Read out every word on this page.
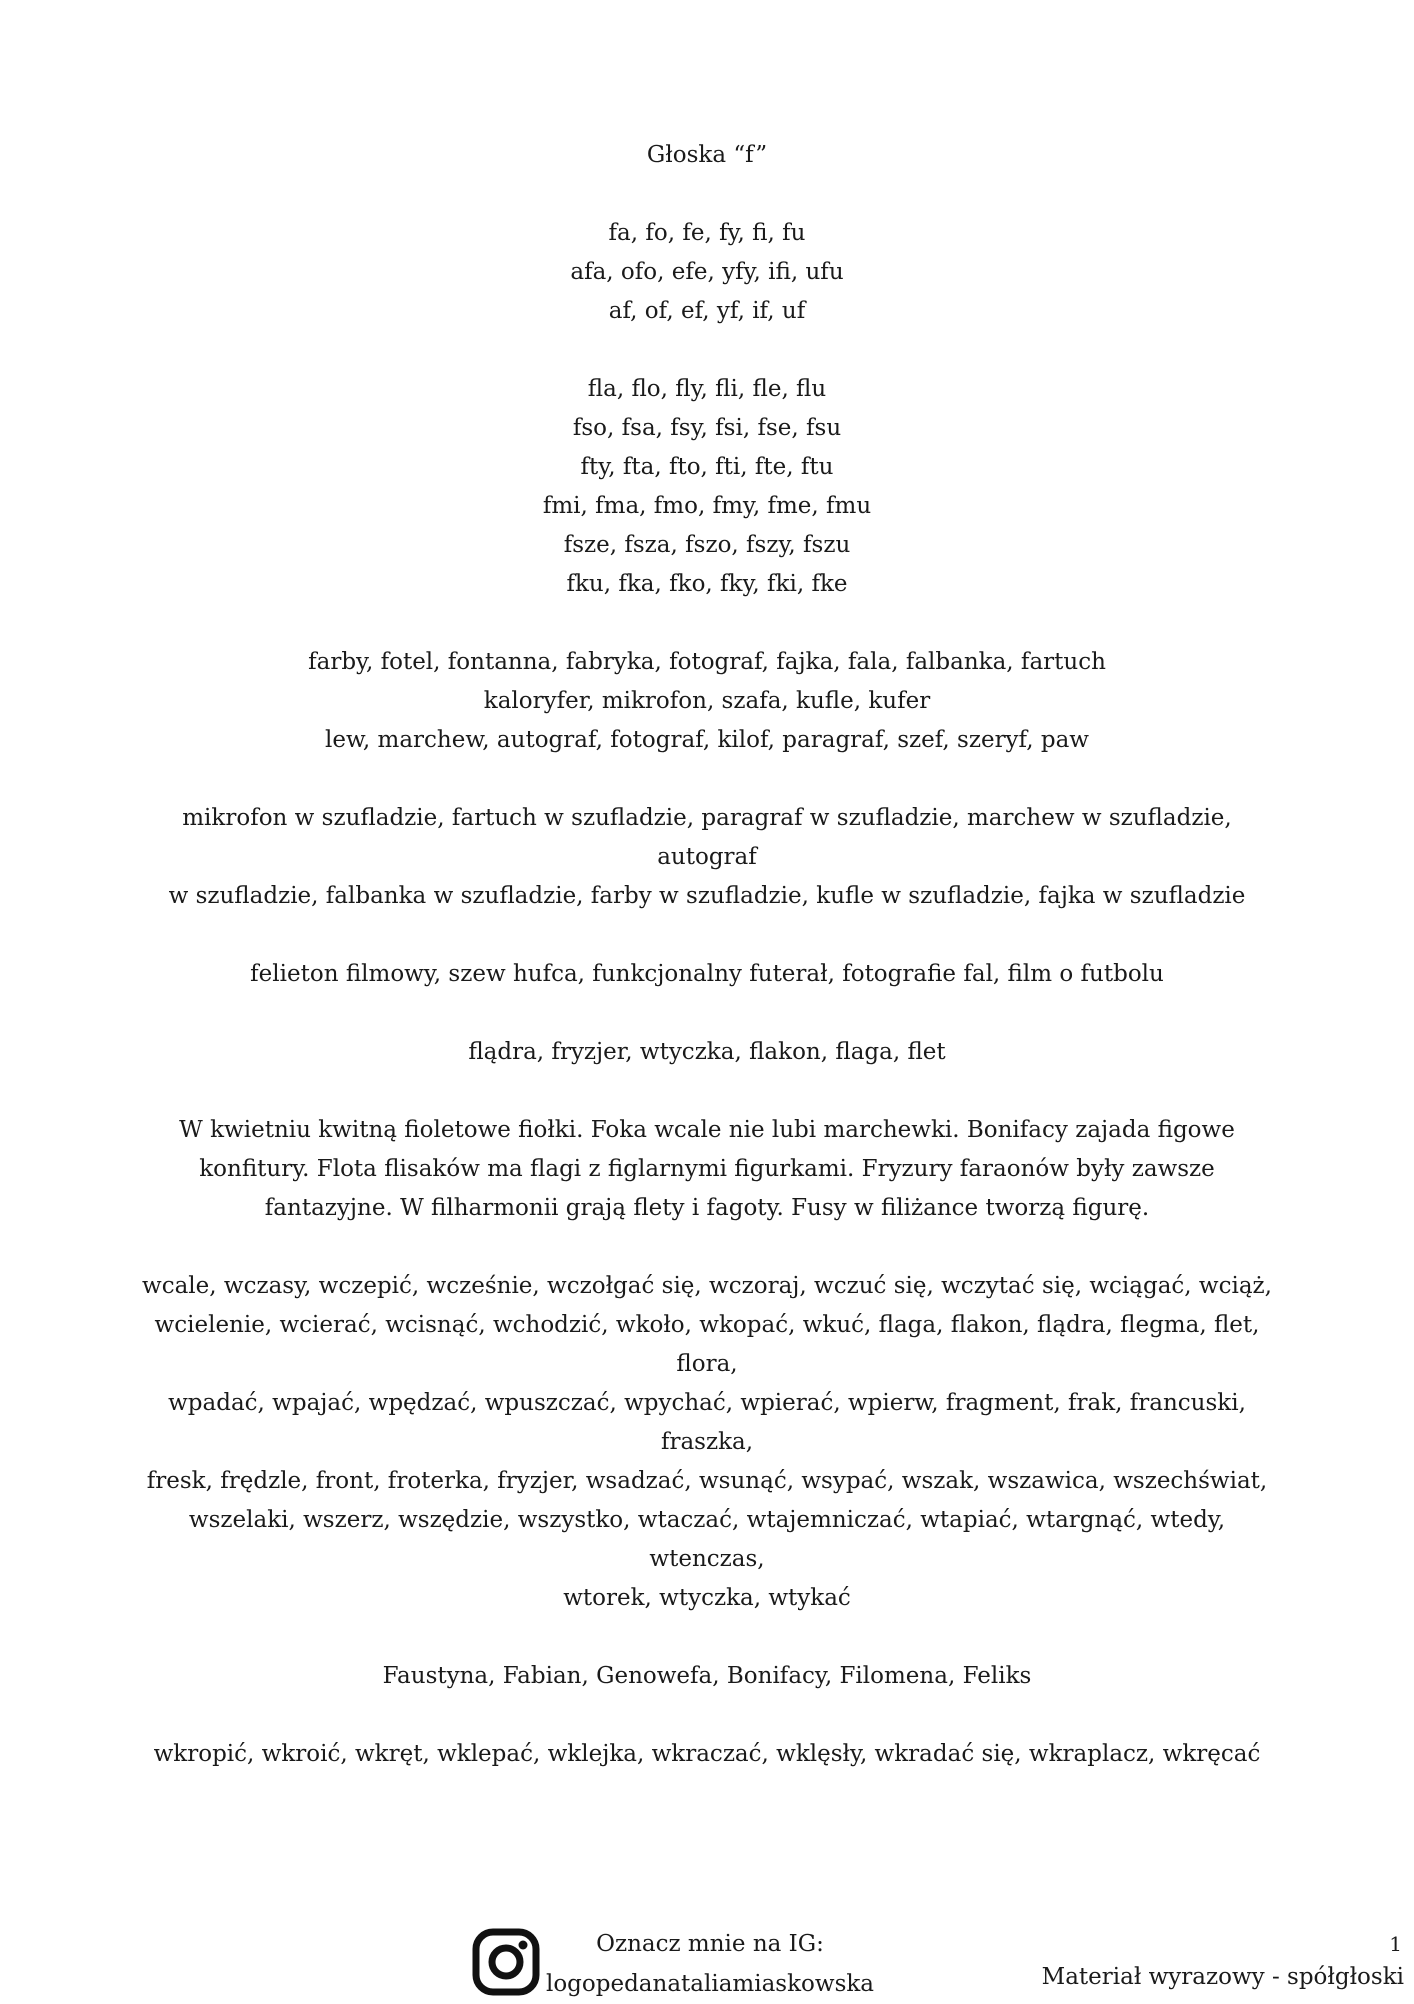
Głoska “f”

fa, fo, fe, fy, fi, fu

afa, ofo, efe, yfy, ifi, ufu

af, of, ef, yf, if, uf

fla, flo, fly, fli, fle, flu

fso, fsa, fsy, fsi, fse, fsu

fty, fta, fto, fti, fte, ftu

fmi, fma, fmo, fmy, fme, fmu

fsze, fsza, fszo, fszy, fszu

fku, fka, fko, fky, fki, fke

farby, fotel, fontanna, fabryka, fotograf, fajka, fala, falbanka, fartuch

kaloryfer, mikrofon, szafa, kufle, kufer

lew, marchew, autograf, fotograf, kilof, paragraf, szef, szeryf, paw

mikrofon w szufladzie, fartuch w szufladzie, paragraf w szufladzie, marchew w szufladzie, autograf

w szufladzie, falbanka w szufladzie, farby w szufladzie, kufle w szufladzie, fajka w szufladzie

felieton filmowy, szew hufca, funkcjonalny futerał, fotografie fal, film o futbolu

flądra, fryzjer, wtyczka, flakon, flaga, flet

W kwietniu kwitną fioletowe fiołki. Foka wcale nie lubi marchewki. Bonifacy zajada figowe

konfitury. Flota flisaków ma flagi z figlarnymi figurkami. Fryzury faraonów były zawsze

fantazyjne. W filharmonii grają flety i fagoty. Fusy w filiżance tworzą figurę.

wcale, wczasy, wczepić, wcześnie, wczołgać się, wczoraj, wczuć się, wczytać się, wciągać, wciąż,

wcielenie, wcierać, wcisnąć, wchodzić, wkoło, wkopać, wkuć, flaga, flakon, flądra, flegma, flet, flora,

wpadać, wpajać, wpędzać, wpuszczać, wpychać, wpierać, wpierw, fragment, frak, francuski, fraszka,

fresk, frędzle, front, froterka, fryzjer, wsadzać, wsunąć, wsypać, wszak, wszawica, wszechświat,

wszelaki, wszerz, wszędzie, wszystko, wtaczać, wtajemniczać, wtapiać, wtargnąć, wtedy, wtenczas,

wtorek, wtyczka, wtykać

Faustyna, Fabian, Genowefa, Bonifacy, Filomena, Feliks

wkropić, wkroić, wkręt, wklepać, wklejka, wkraczać, wklęsły, wkradać się, wkraplacz, wkręcać

Oznacz mnie na IG:
logopedanataliamiaskowska
1
Materiał wyrazowy - spółgłoski
